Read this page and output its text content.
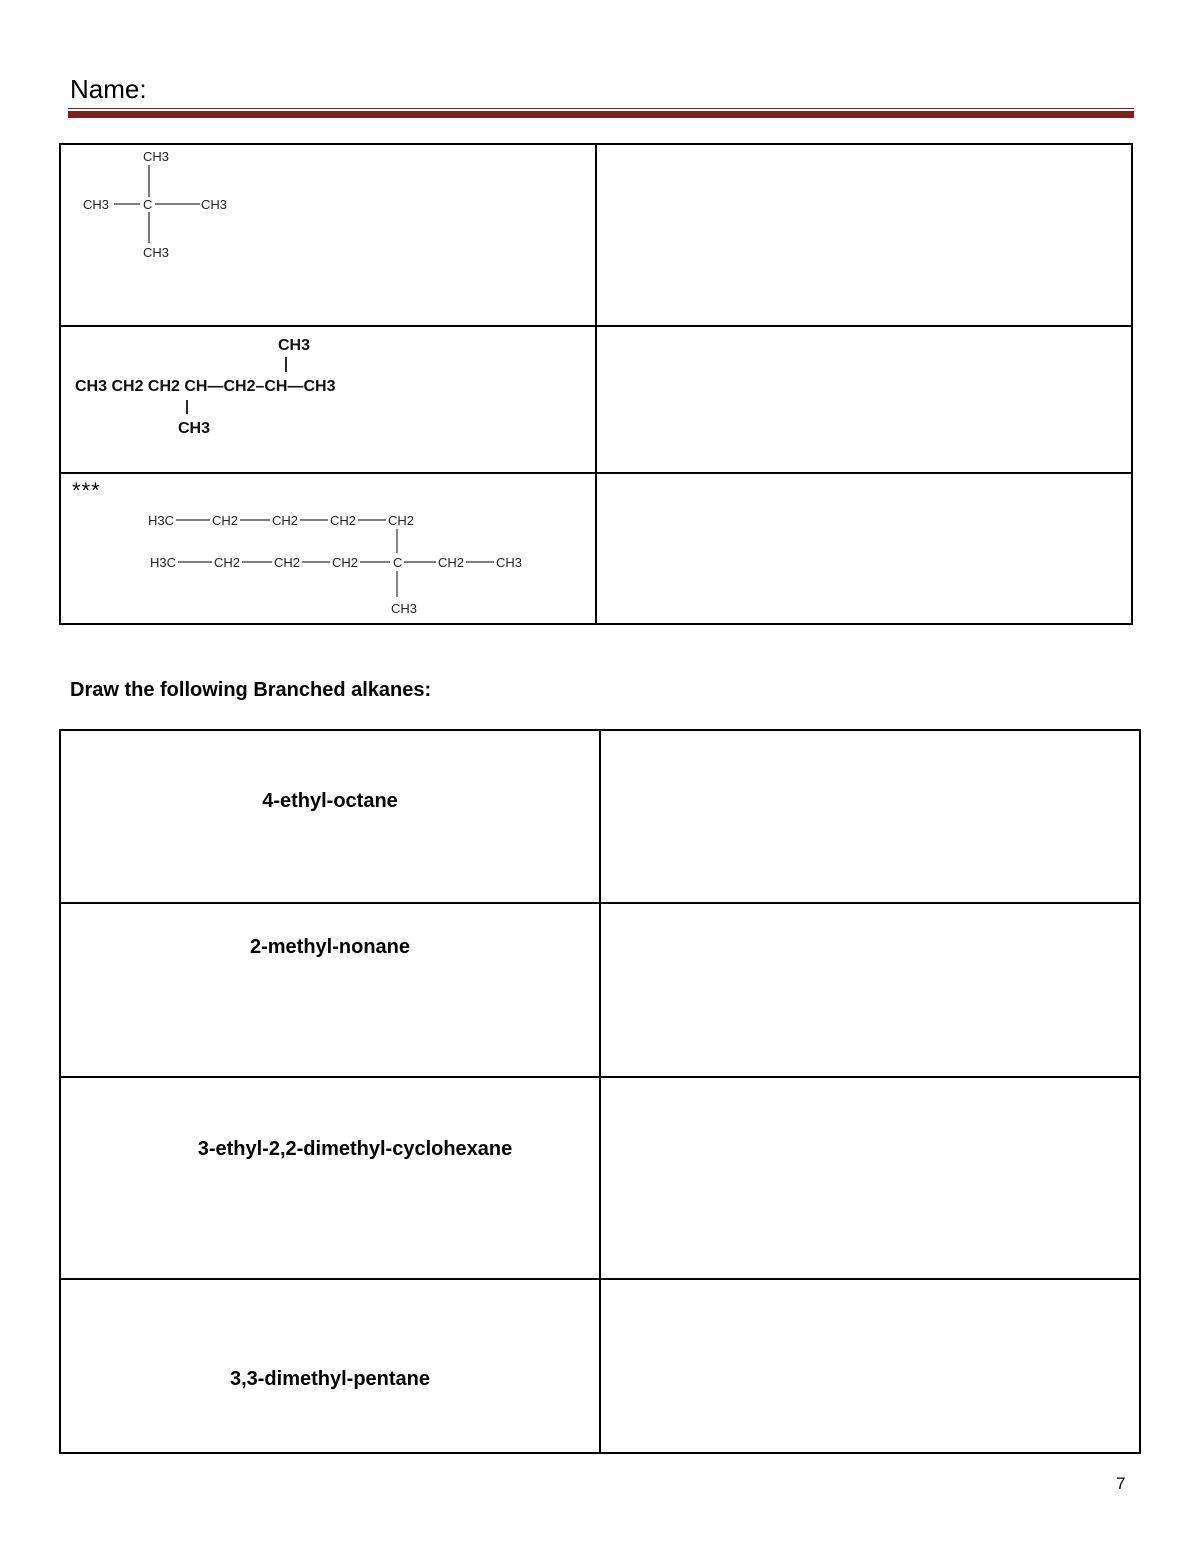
Name:
CH3
CH3	C	CH3
CH3
CH3
CH3 CH2 CH2 CH—CH2–CH—CH3
CH3
***
H3C	CH2	CH2 CH2 CH2
H3C	CH2	CH2 CH2	C	CH2 CH3
CH3
Draw the following Branched alkanes:
4-ethyl-octane
2-methyl-nonane
3-ethyl-2,2-dimethyl-cyclohexane
3,3-dimethyl-pentane
7
